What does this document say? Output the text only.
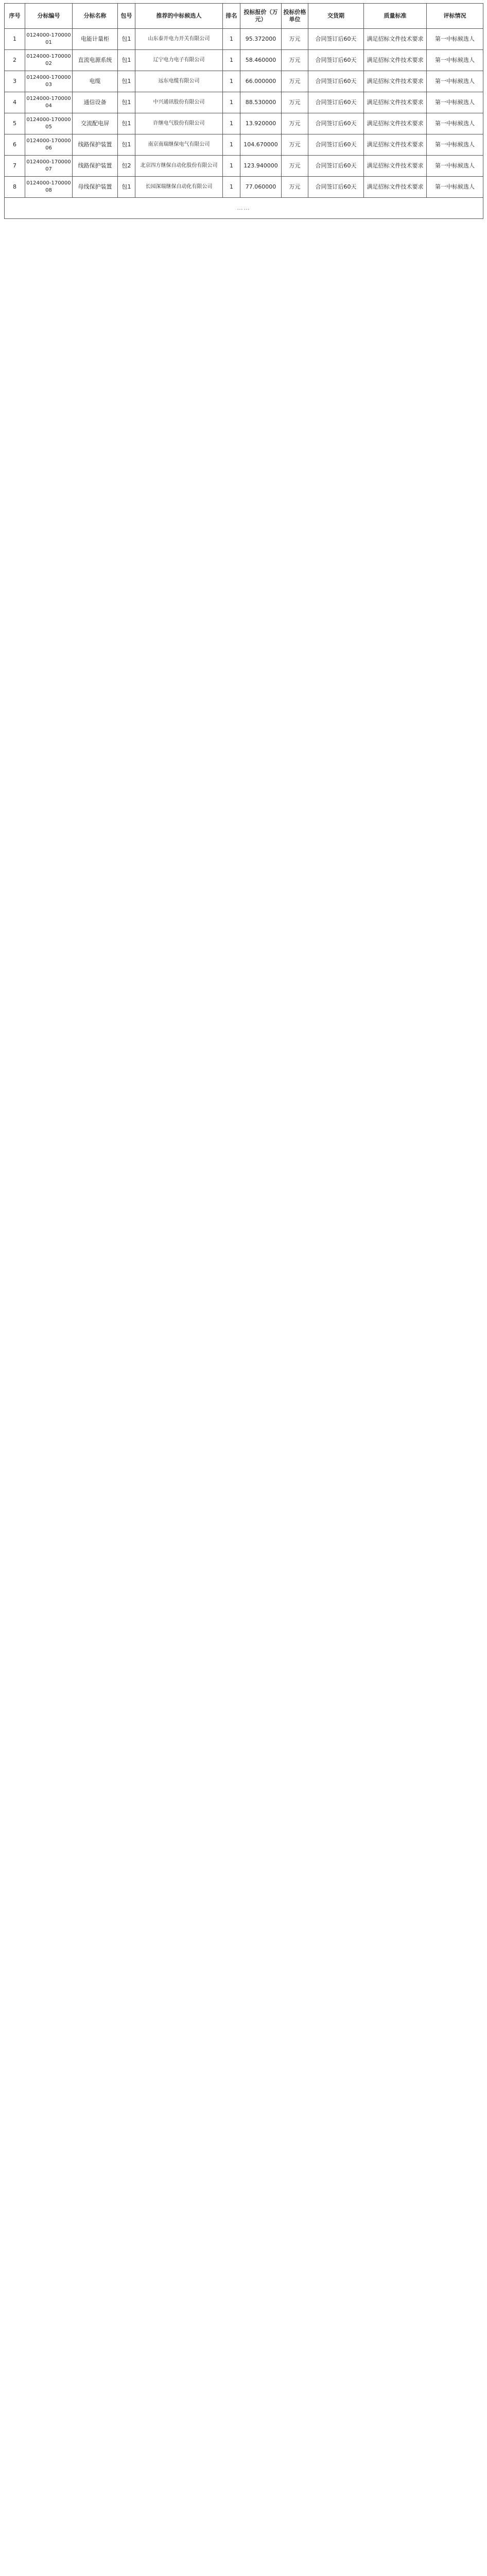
序号	分标编号	分标名称	包号	推荐的中标候选人	排名	投标报价（万元）	投标价格单位	交货期	质量标准	评标情况
1	0124000-17000001	电能计量柜	包1	山东泰开电力开关有限公司	1	95.372000	万元	合同签订后60天	满足招标文件技术要求	第一中标候选人
2	0124000-17000002	直流电源系统	包1	辽宁电力电子有限公司	1	58.460000	万元	合同签订后60天	满足招标文件技术要求	第一中标候选人
3	0124000-17000003	电缆	包1	远东电缆有限公司	1	66.000000	万元	合同签订后60天	满足招标文件技术要求	第一中标候选人
4	0124000-17000004	通信设备	包1	中兴通讯股份有限公司	1	88.530000	万元	合同签订后60天	满足招标文件技术要求	第一中标候选人
5	0124000-17000005	交流配电屏	包1	许继电气股份有限公司	1	13.920000	万元	合同签订后60天	满足招标文件技术要求	第一中标候选人
6	0124000-17000006	线路保护装置	包1	南京南瑞继保电气有限公司	1	104.670000	万元	合同签订后60天	满足招标文件技术要求	第一中标候选人
7	0124000-17000007	线路保护装置	包2	北京四方继保自动化股份有限公司	1	123.940000	万元	合同签订后60天	满足招标文件技术要求	第一中标候选人
8	0124000-17000008	母线保护装置	包1	长园深瑞继保自动化有限公司	1	77.060000	万元	合同签订后60天	满足招标文件技术要求	第一中标候选人
……										
